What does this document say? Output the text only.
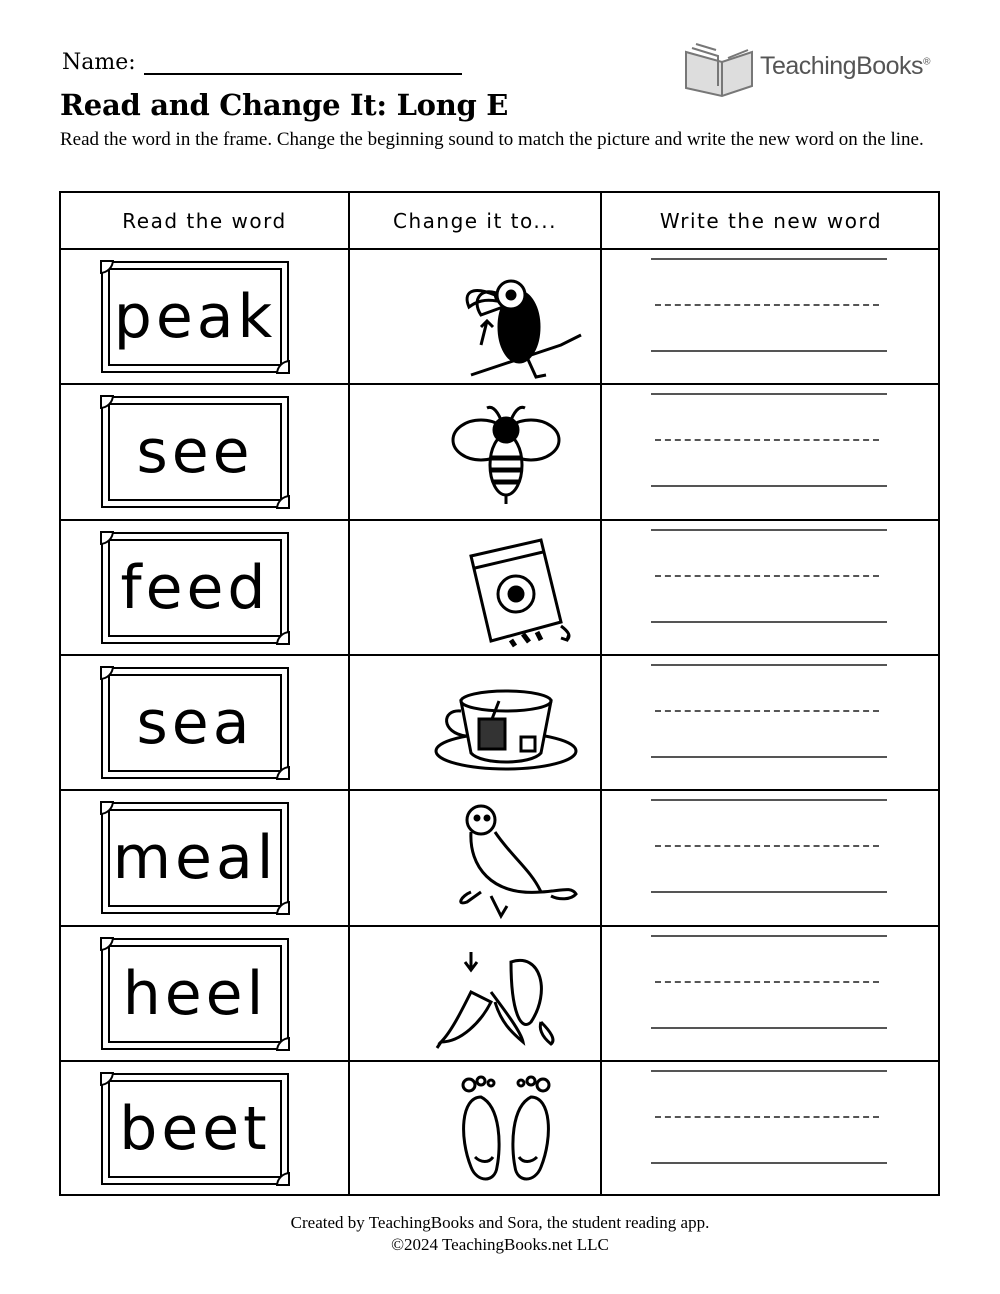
Name:	TeachingBooks®
Read and Change It: Long E
Read the word in the frame. Change the beginning sound to match the picture and write the new word on the line.
Read the word	Change it to...	Write the new word
peak
see
feed
sea
meal
heel
beet
Created by TeachingBooks and Sora, the student reading app.
©2024 TeachingBooks.net LLC
